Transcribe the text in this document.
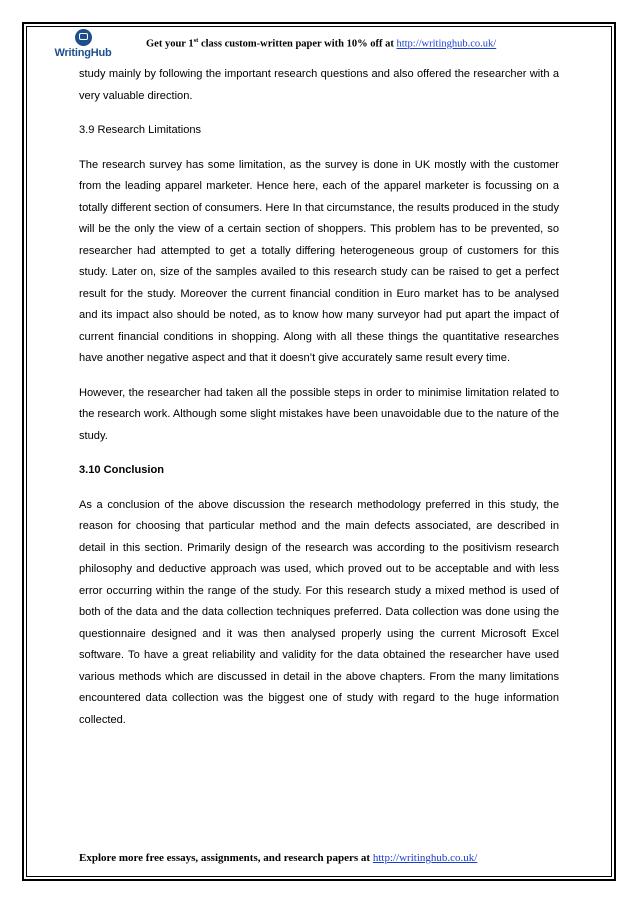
WritingHub
Get your 1st class custom-written paper with 10% off at http://writinghub.co.uk/

study mainly by following the important research questions and also offered the researcher with a very valuable direction.

3.9 Research Limitations

The research survey has some limitation, as the survey is done in UK mostly with the customer from the leading apparel marketer. Hence here, each of the apparel marketer is focussing on a totally different section of consumers. Here In that circumstance, the results produced in the study will be the only the view of a certain section of shoppers. This problem has to be prevented, so researcher had attempted to get a totally differing heterogeneous group of customers for this study. Later on, size of the samples availed to this research study can be raised to get a perfect result for the study. Moreover the current financial condition in Euro market has to be analysed and its impact also should be noted, as to know how many surveyor had put apart the impact of current financial conditions in shopping. Along with all these things the quantitative researches have another negative aspect and that it doesn’t give accurately same result every time.

However, the researcher had taken all the possible steps in order to minimise limitation related to the research work. Although some slight mistakes have been unavoidable due to the nature of the study.

3.10 Conclusion

As a conclusion of the above discussion the research methodology preferred in this study, the reason for choosing that particular method and the main defects associated, are described in detail in this section. Primarily design of the research was according to the positivism research philosophy and deductive approach was used, which proved out to be acceptable and with less error occurring within the range of the study. For this research study a mixed method is used of both of the data and the data collection techniques preferred. Data collection was done using the questionnaire designed and it was then analysed properly using the current Microsoft Excel software. To have a great reliability and validity for the data obtained the researcher have used various methods which are discussed in detail in the above chapters. From the many limitations encountered data collection was the biggest one of study with regard to the huge information collected.

Explore more free essays, assignments, and research papers at http://writinghub.co.uk/
